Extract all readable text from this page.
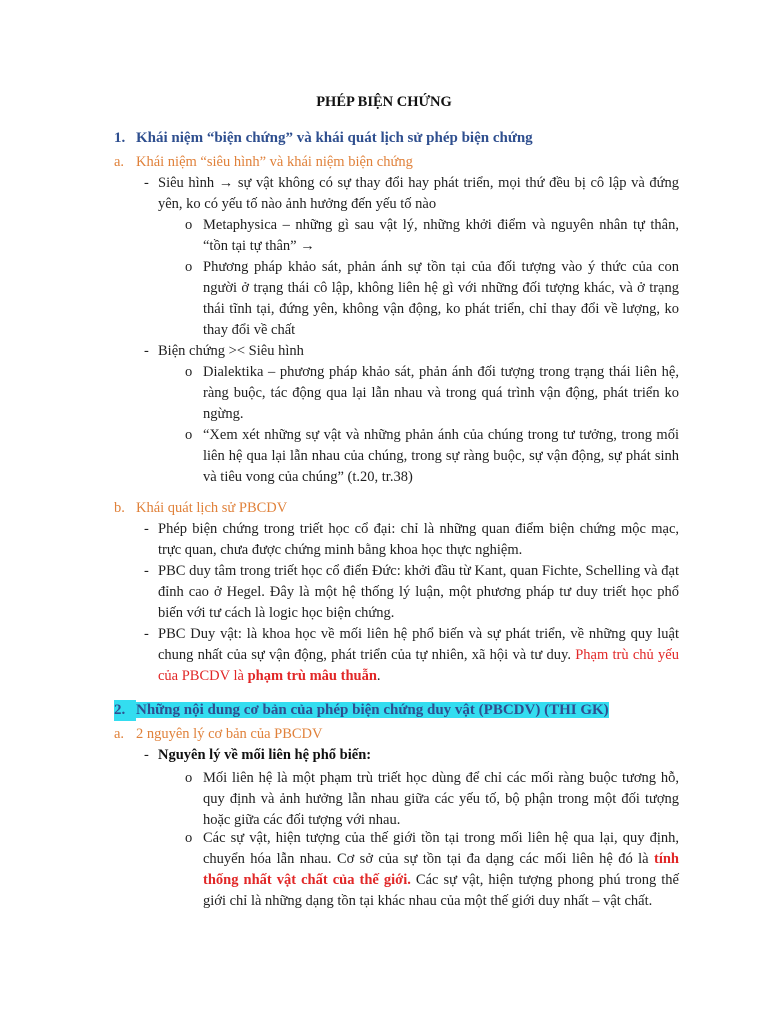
PHÉP BIỆN CHỨNG
1. Khái niệm “biện chứng” và khái quát lịch sử phép biện chứng
a. Khái niệm “siêu hình” và khái niệm biện chứng
- Siêu hình → sự vật không có sự thay đổi hay phát triển, mọi thứ đều bị cô lập và đứng yên, ko có yếu tố nào ảnh hưởng đến yếu tố nào
o Metaphysica – những gì sau vật lý, những khởi điểm và nguyên nhân tự thân, “tồn tại tự thân” →
o Phương pháp khảo sát, phản ánh sự tồn tại của đối tượng vào ý thức của con người ở trạng thái cô lập, không liên hệ gì với những đối tượng khác, và ở trạng thái tĩnh tại, đứng yên, không vận động, ko phát triển, chỉ thay đổi về lượng, ko thay đổi về chất
- Biện chứng >< Siêu hình
o Dialektika – phương pháp khảo sát, phản ánh đối tượng trong trạng thái liên hệ, ràng buộc, tác động qua lại lẫn nhau và trong quá trình vận động, phát triển ko ngừng.
o “Xem xét những sự vật và những phản ánh của chúng trong tư tưởng, trong mối liên hệ qua lại lẫn nhau của chúng, trong sự ràng buộc, sự vận động, sự phát sinh và tiêu vong của chúng” (t.20, tr.38)
b. Khái quát lịch sử PBCDV
- Phép biện chứng trong triết học cổ đại: chỉ là những quan điểm biện chứng mộc mạc, trực quan, chưa được chứng minh bằng khoa học thực nghiệm.
- PBC duy tâm trong triết học cổ điển Đức: khởi đầu từ Kant, quan Fichte, Schelling và đạt đỉnh cao ở Hegel. Đây là một hệ thống lý luận, một phương pháp tư duy triết học phổ biến với tư cách là logic học biện chứng.
- PBC Duy vật: là khoa học về mối liên hệ phổ biến và sự phát triển, về những quy luật chung nhất của sự vận động, phát triển của tự nhiên, xã hội và tư duy. Phạm trù chủ yếu của PBCDV là phạm trù mâu thuẫn.
2. Những nội dung cơ bản của phép biện chứng duy vật (PBCDV) (THI GK)
a. 2 nguyên lý cơ bản của PBCDV
- Nguyên lý về mối liên hệ phổ biến:
o Mối liên hệ là một phạm trù triết học dùng để chỉ các mối ràng buộc tương hỗ, quy định và ảnh hưởng lẫn nhau giữa các yếu tố, bộ phận trong một đối tượng hoặc giữa các đối tượng với nhau.
o Các sự vật, hiện tượng của thế giới tồn tại trong mối liên hệ qua lại, quy định, chuyển hóa lẫn nhau. Cơ sở của sự tồn tại đa dạng các mối liên hệ đó là tính thống nhất vật chất của thế giới. Các sự vật, hiện tượng phong phú trong thế giới chỉ là những dạng tồn tại khác nhau của một thế giới duy nhất – vật chất.
